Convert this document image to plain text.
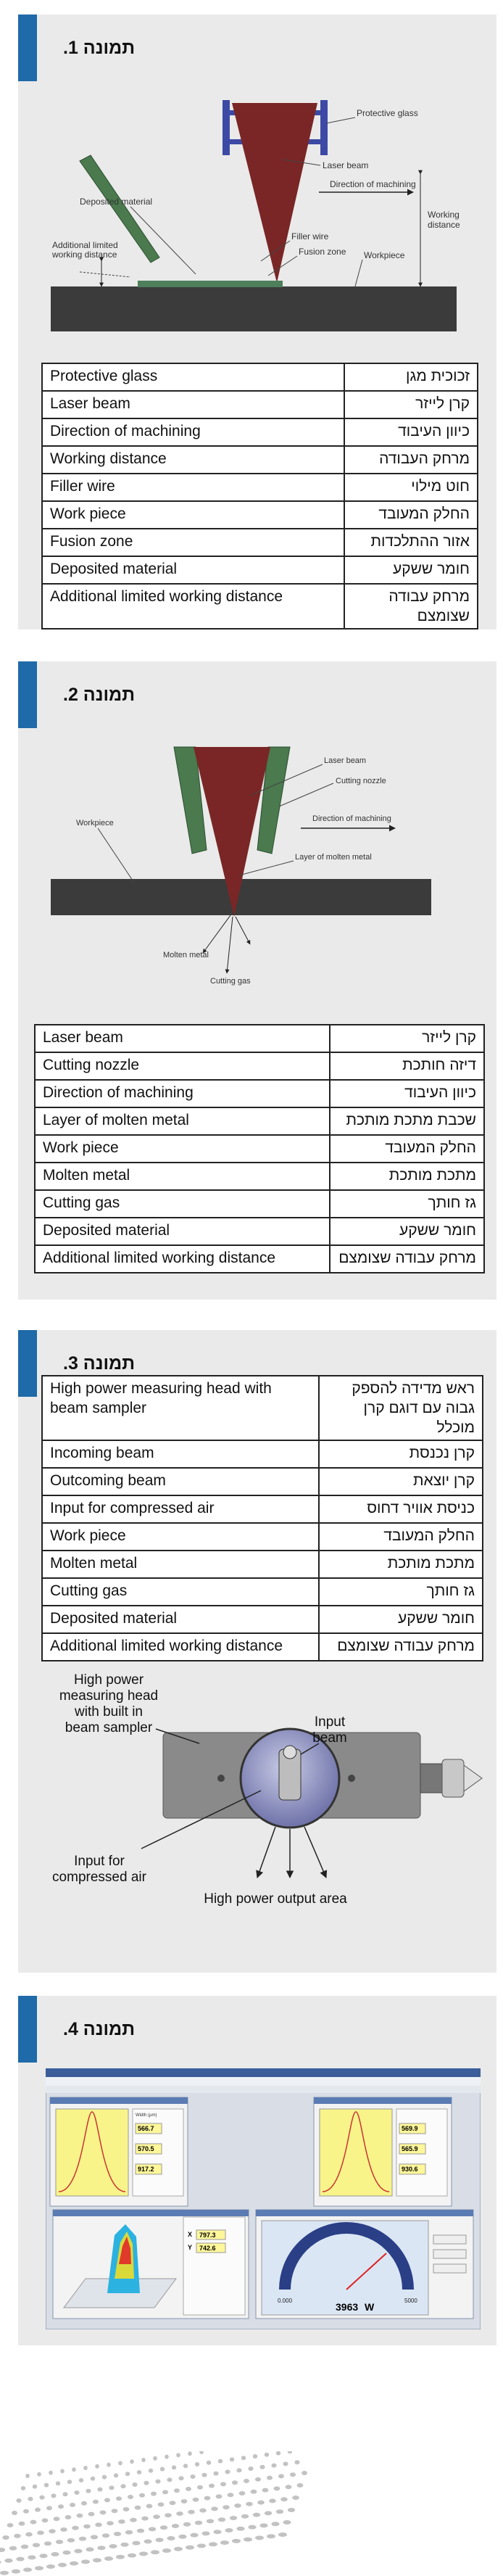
תמונה 1.
Protective glass
Laser beam
Direction of machining
Working
distance
Deposited material
Additional limited
working distance
Filler wire
Fusion zone Workpiece
Protective glass	זכוכית מגן
Laser beam	קרן לייזר
Direction of machining	כיוון העיבוד
Working distance	מרחק העבודה
Filler wire	חוט מילוי
Work piece	החלק המעובד
Fusion zone	אזור ההתלכדות
Deposited material	חומר ששקע
Additional limited working distance	מרחק עבודה שצומצם
תמונה 2.
Laser beam
Cutting nozzle
Direction of machining
Workpiece
Layer of molten metal
Molten metal
Cutting gas
Laser beam	קרן לייזר
Cutting nozzle	דיזה חותכת
Direction of machining	כיוון העיבוד
Layer of molten metal	שכבת מתכת מותכת
Work piece	החלק המעובד
Molten metal	מתכת מותכת
Cutting gas	גז חותך
Deposited material	חומר ששקע
Additional limited working distance	מרחק עבודה שצומצם
תמונה 3.
High power measuring head with beam sampler	ראש מדידה להספק גבוה עם דוגם קרן מוכלל
Incoming beam	קרן נכנסת
Outcoming beam	קרן יוצאת
Input for compressed air	כניסת אוויר דחוס
Work piece	החלק המעובד
Molten metal	מתכת מותכת
Cutting gas	גז חותך
Deposited material	חומר ששקע
Additional limited working distance	מרחק עבודה שצומצם
High power
measuring head
with built in
beam sampler	Input
beam
Input for
compressed air
High power output area
תמונה 4.
Width (µm)
566.7
570.5
917.2
569.9
565.9
930.6
X 797.3
Y 742.6
0.000	5000
3963 W
